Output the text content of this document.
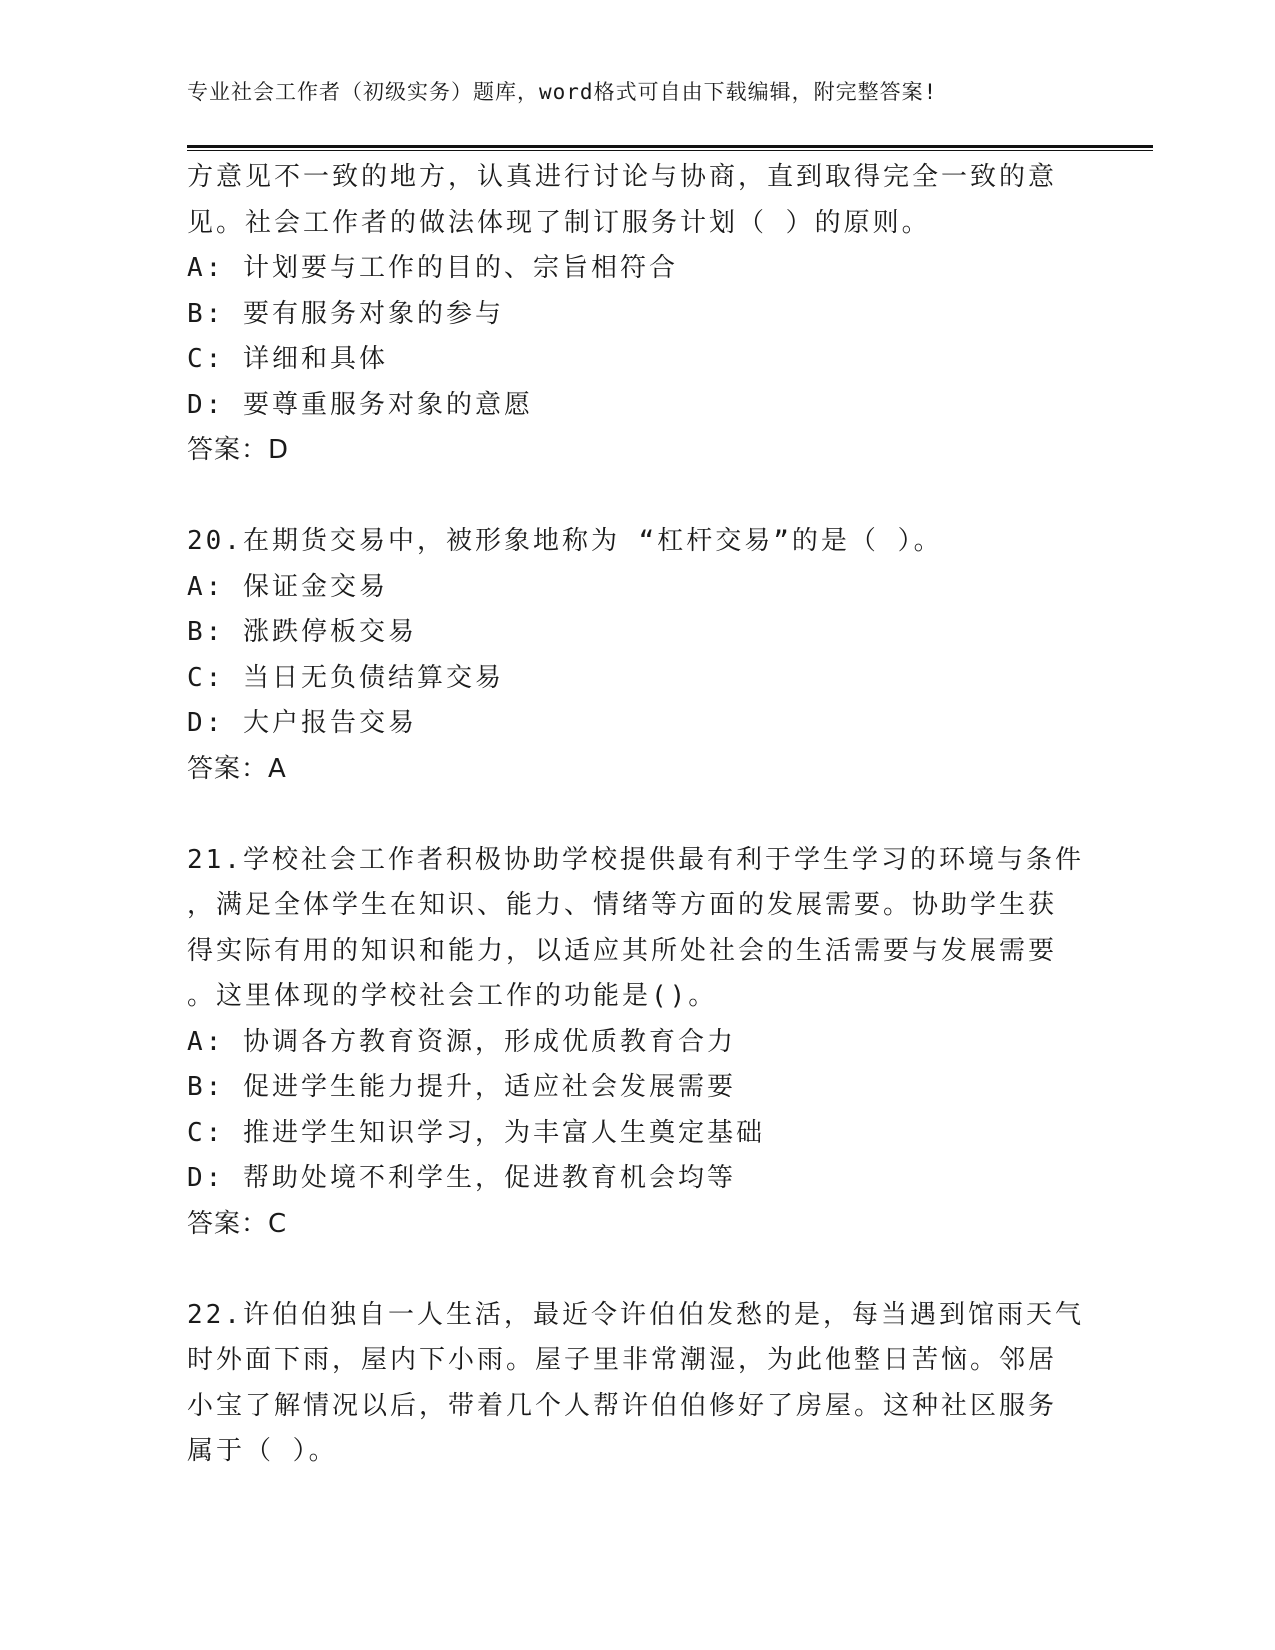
专业社会工作者（初级实务）题库，word格式可自由下载编辑，附完整答案!
方意见不一致的地方，认真进行讨论与协商，直到取得完全一致的意
见。社会工作者的做法体现了制订服务计划（ ）的原则。
A: 计划要与工作的目的、宗旨相符合
B: 要有服务对象的参与
C: 详细和具体
D: 要尊重服务对象的意愿
答案：D
20.在期货交易中，被形象地称为 “杠杆交易”的是（ ）。
A: 保证金交易
B: 涨跌停板交易
C: 当日无负债结算交易
D: 大户报告交易
答案：A
21.学校社会工作者积极协助学校提供最有利于学生学习的环境与条件
，满足全体学生在知识、能力、情绪等方面的发展需要。协助学生获
得实际有用的知识和能力，以适应其所处社会的生活需要与发展需要
。这里体现的学校社会工作的功能是()。
A: 协调各方教育资源，形成优质教育合力
B: 促进学生能力提升，适应社会发展需要
C: 推进学生知识学习，为丰富人生奠定基础
D: 帮助处境不利学生，促进教育机会均等
答案：C
22.许伯伯独自一人生活，最近令许伯伯发愁的是，每当遇到馆雨天气
时外面下雨，屋内下小雨。屋子里非常潮湿，为此他整日苦恼。邻居
小宝了解情况以后，带着几个人帮许伯伯修好了房屋。这种社区服务
属于（ ）。
